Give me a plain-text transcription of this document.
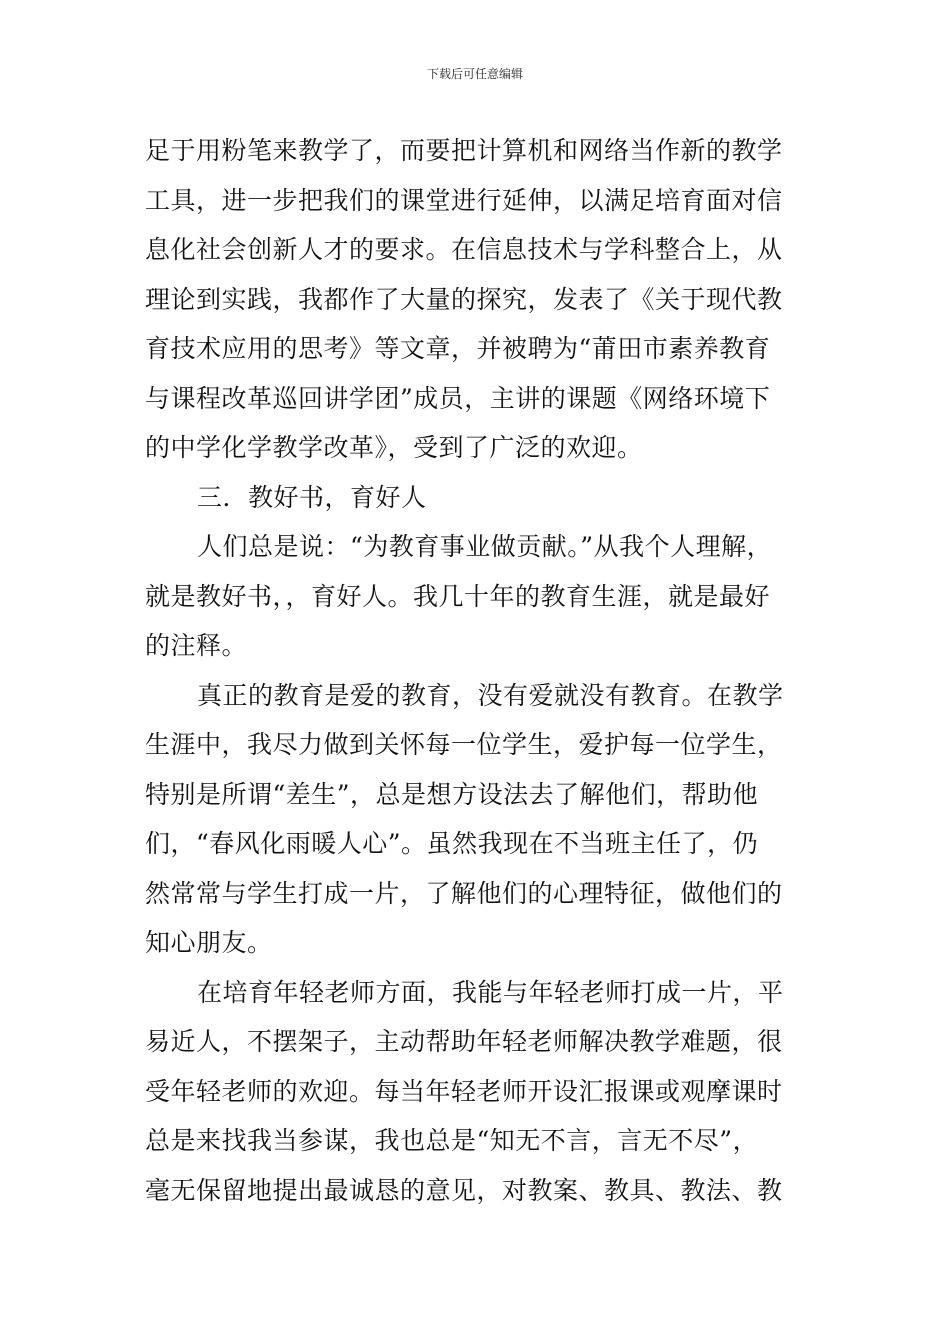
下载后可任意编辑
足于用粉笔来教学了，而要把计算机和网络当作新的教学
工具，进一步把我们的课堂进行延伸，以满足培育面对信
息化社会创新人才的要求。在信息技术与学科整合上，从
理论到实践，我都作了大量的探究，发表了《关于现代教
育技术应用的思考》等文章，并被聘为“莆田市素养教育
与课程改革巡回讲学团”成员，主讲的课题《网络环境下
的中学化学教学改革》，受到了广泛的欢迎。
三．教好书，育好人
人们总是说：“为教育事业做贡献。”从我个人理解，
就是教好书，，育好人。我几十年的教育生涯，就是最好
的注释。
真正的教育是爱的教育，没有爱就没有教育。在教学
生涯中，我尽力做到关怀每一位学生，爱护每一位学生，
特别是所谓“差生”，总是想方设法去了解他们，帮助他
们，“春风化雨暖人心”。虽然我现在不当班主任了，仍
然常常与学生打成一片，了解他们的心理特征，做他们的
知心朋友。
在培育年轻老师方面，我能与年轻老师打成一片，平
易近人，不摆架子，主动帮助年轻老师解决教学难题，很
受年轻老师的欢迎。每当年轻老师开设汇报课或观摩课时
总是来找我当参谋，我也总是“知无不言，言无不尽”，
毫无保留地提出最诚恳的意见，对教案、教具、教法、教
